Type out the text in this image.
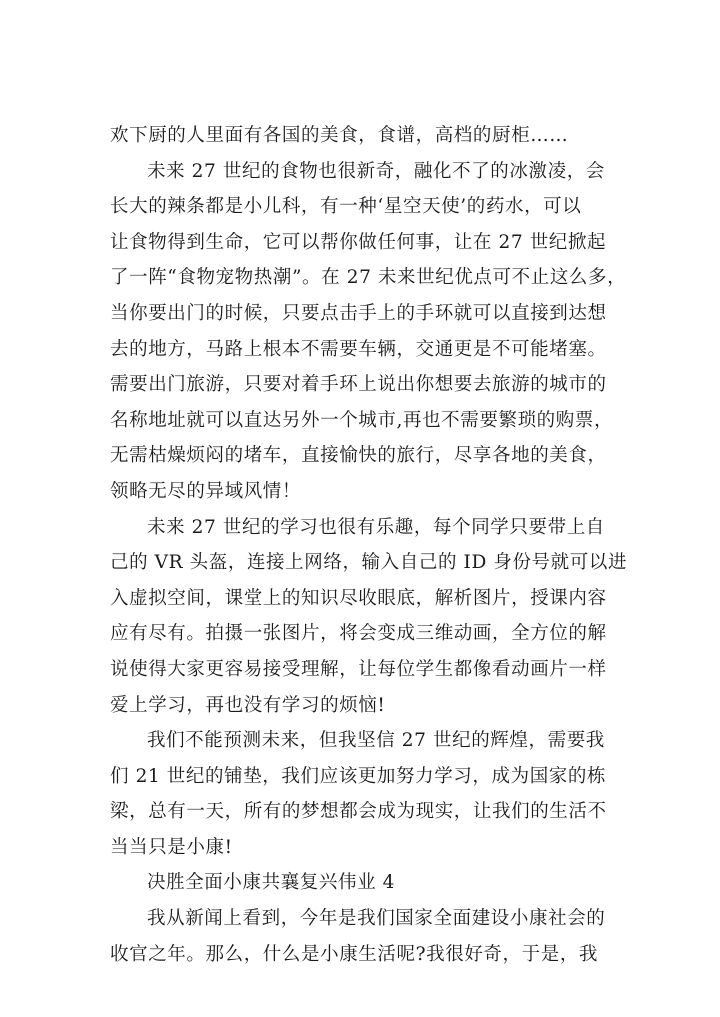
欢下厨的人里面有各国的美食，食谱，高档的厨柜……
未来 27 世纪的食物也很新奇，融化不了的冰激凌，会
长大的辣条都是小儿科，有一种‘星空天使’的药水，可以
让食物得到生命，它可以帮你做任何事，让在 27 世纪掀起
了一阵“食物宠物热潮”。在 27 未来世纪优点可不止这么多，
当你要出门的时候，只要点击手上的手环就可以直接到达想
去的地方，马路上根本不需要车辆，交通更是不可能堵塞。
需要出门旅游，只要对着手环上说出你想要去旅游的城市的
名称地址就可以直达另外一个城市,再也不需要繁琐的购票，
无需枯燥烦闷的堵车，直接愉快的旅行，尽享各地的美食，
领略无尽的异域风情！
未来 27 世纪的学习也很有乐趣，每个同学只要带上自
己的 VR 头盔，连接上网络，输入自己的 ID 身份号就可以进
入虚拟空间，课堂上的知识尽收眼底，解析图片，授课内容
应有尽有。拍摄一张图片，将会变成三维动画，全方位的解
说使得大家更容易接受理解，让每位学生都像看动画片一样
爱上学习，再也没有学习的烦恼!
我们不能预测未来，但我坚信 27 世纪的辉煌，需要我
们 21 世纪的铺垫，我们应该更加努力学习，成为国家的栋
梁，总有一天，所有的梦想都会成为现实，让我们的生活不
当当只是小康!
决胜全面小康共襄复兴伟业 4
我从新闻上看到，今年是我们国家全面建设小康社会的
收官之年。那么，什么是小康生活呢?我很好奇，于是，我
